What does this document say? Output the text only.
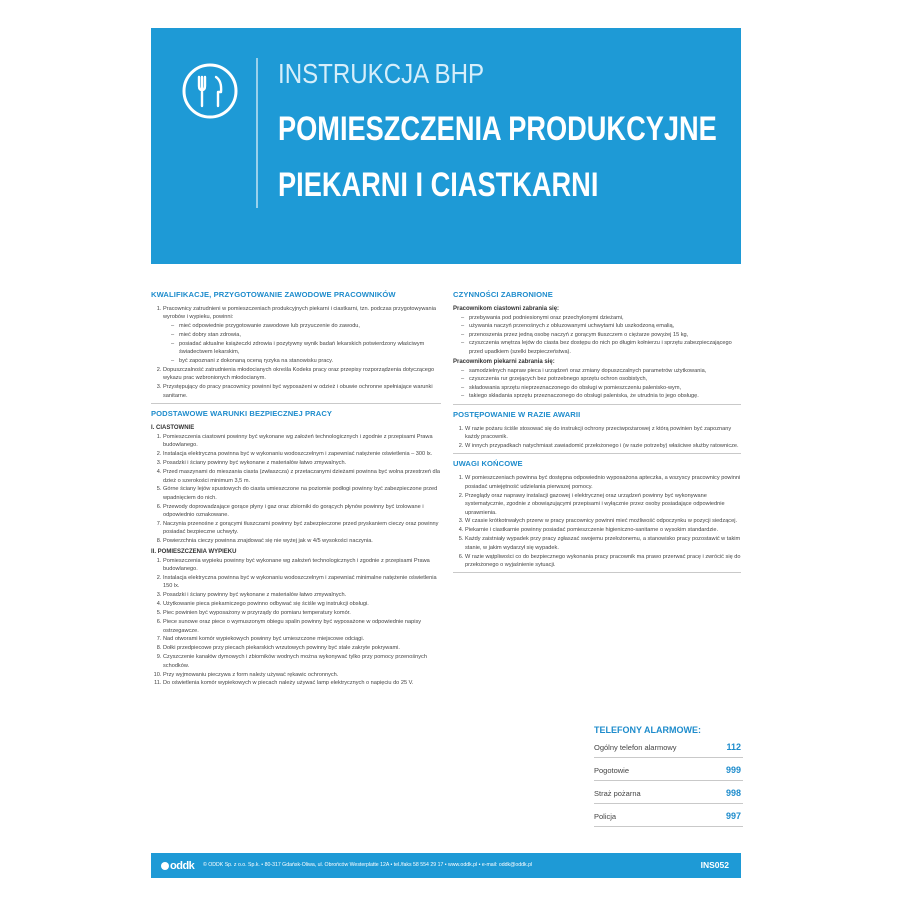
INSTRUKCJA BHP
POMIESZCZENIA PRODUKCYJNE
PIEKARNI I CIASTKARNI
KWALIFIKACJE, PRZYGOTOWANIE ZAWODOWE PRACOWNIKÓW
1. Pracownicy zatrudnieni w pomieszczeniach produkcyjnych piekarni i ciastkarni, tzn. podczas przygotowywania wyrobów i wypieku, powinni:
– mieć odpowiednie przygotowanie zawodowe lub przyuczenie do zawodu,
– mieć dobry stan zdrowia,
– posiadać aktualne książeczki zdrowia i pozytywny wynik badań lekarskich potwierdzony właściwym świadectwem lekarskim,
– być zapoznani z dokonaną oceną ryzyka na stanowisku pracy.
2. Dopuszczalność zatrudnienia młodocianych określa Kodeks pracy oraz przepisy rozporządzenia dotyczącego wykazu prac wzbronionych młodocianym.
3. Przystępujący do pracy pracownicy powinni być wyposażeni w odzież i obuwie ochronne spełniające warunki sanitarne.
PODSTAWOWE WARUNKI BEZPIECZNEJ PRACY
I. CIASTOWNIE
1. Pomieszczenia ciastowni powinny być wykonane wg założeń technologicznych i zgodnie z przepisami Prawa budowlanego.
2. Instalacja elektryczna powinna być w wykonaniu wodoszczelnym i zapewniać natężenie oświetlenia – 300 lx.
3. Posadzki i ściany powinny być wykonane z materiałów łatwo zmywalnych.
4. Przed maszynami do mieszania ciasta (zwłaszcza) z przetaczanymi dzieżami powinna być wolna przestrzeń dla dzież o szerokości minimum 3,5 m.
5. Górne ściany lejów spustowych do ciasta umieszczone na poziomie podłogi powinny być zabezpieczone przed wpadnięciem do nich.
6. Przewody doprowadzające gorące płyny i gaz oraz zbiorniki do gorących płynów powinny być izolowane i odpowiednio oznakowane.
7. Naczynia przenośne z gorącymi tłuszczami powinny być zabezpieczone przed pryskaniem cieczy oraz powinny posiadać bezpieczne uchwyty.
8. Powierzchnia cieczy powinna znajdować się nie wyżej jak w 4/5 wysokości naczynia.
II. POMIESZCZENIA WYPIEKU
1. Pomieszczenia wypieku powinny być wykonane wg założeń technologicznych i zgodnie z przepisami Prawa budowlanego.
2. Instalacja elektryczna powinna być w wykonaniu wodoszczelnym i zapewniać minimalne natężenie oświetlenia 150 lx.
3. Posadzki i ściany powinny być wykonane z materiałów łatwo zmywalnych.
4. Użytkowanie pieca piekarniczego powinno odbywać się ściśle wg instrukcji obsługi.
5. Piec powinien być wyposażony w przyrządy do pomiaru temperatury komór.
6. Piece sunowe oraz piece o wymuszonym obiegu spalin powinny być wyposażone w odpowiednie napisy ostrzegawcze.
7. Nad otworami komór wypiekowych powinny być umieszczone miejscowe odciągi.
8. Dołki przedpiecowe przy piecach piekarskich wrzutowych powinny być stale zakryte pokrywami.
9. Czyszczenie kanałów dymowych i zbiorników wodnych można wykonywać tylko przy pomocy przenośnych schodków.
10. Przy wyjmowaniu pieczywa z form należy używać rękawic ochronnych.
11. Do oświetlenia komór wypiekowych w piecach należy używać lamp elektrycznych o napięciu do 25 V.
CZYNNOŚCI ZABRONIONE
Pracownikom ciastowni zabrania się:
– przebywania pod podniesionymi oraz przechylonymi dzieżami,
– używania naczyń przenośnych z obluzowanymi uchwytami lub uszkodzoną emalią,
– przenoszenia przez jedną osobę naczyń z gorącym tłuszczem o ciężarze powyżej 15 kg,
– czyszczenia wnętrza lejów do ciasta bez dostępu do nich po długim kołnierzu i sprzętu zabezpieczającego przed upadkiem (szelki bezpieczeństwa).
Pracownikom piekarni zabrania się:
– samodzielnych napraw pieca i urządzeń oraz zmiany dopuszczalnych parametrów użytkowania,
– czyszczenia rur grzejących bez potrzebnego sprzętu ochron osobistych,
– składowania sprzętu nieprzeznaczonego do obsługi w pomieszczeniu palenisko-wym,
– takiego składania sprzętu przeznaczonego do obsługi paleniska, że utrudnia to jego obsługę.
POSTĘPOWANIE W RAZIE AWARII
1. W razie pożaru ściśle stosować się do instrukcji ochrony przeciwpożarowej z którą powinien być zapoznany każdy pracownik.
2. W innych przypadkach natychmiast zawiadomić przełożonego i (w razie potrzeby) właściwe służby ratownicze.
UWAGI KOŃCOWE
1. W pomieszczeniach powinna być dostępna odpowiednio wyposażona apteczka, a wszyscy pracownicy powinni posiadać umiejętność udzielania pierwszej pomocy.
2. Przeglądy oraz naprawy instalacji gazowej i elektrycznej oraz urządzeń powinny być wykonywane systematycznie, zgodnie z obowiązującymi przepisami i wyłącznie przez osoby posiadające odpowiednie uprawnienia.
3. W czasie krótkotrwałych przerw w pracy pracownicy powinni mieć możliwość odpoczynku w pozycji siedzącej.
4. Piekarnie i ciastkarnie powinny posiadać pomieszczenie higieniczno-sanitarne o wysokim standardzie.
5. Każdy zaistniały wypadek przy pracy zgłaszać swojemu przełożonemu, a stanowisko pracy pozostawić w takim stanie, w jakim wydarzył się wypadek.
6. W razie wątpliwości co do bezpiecznego wykonania pracy pracownik ma prawo przerwać pracę i zwrócić się do przełożonego o wyjaśnienie sytuacji.
TELEFONY ALARMOWE:
Ogólny telefon alarmowy	112
Pogotowie	999
Straż pożarna	998
Policja	997
oddk © ODDK Sp. z o.o. Sp.k. • 80-317 Gdańsk-Oliwa, ul. Obrońców Westerplatte 12A • tel./faks 58 554 29 17 • www.oddk.pl • e-mail: oddk@oddk.pl	INS052
